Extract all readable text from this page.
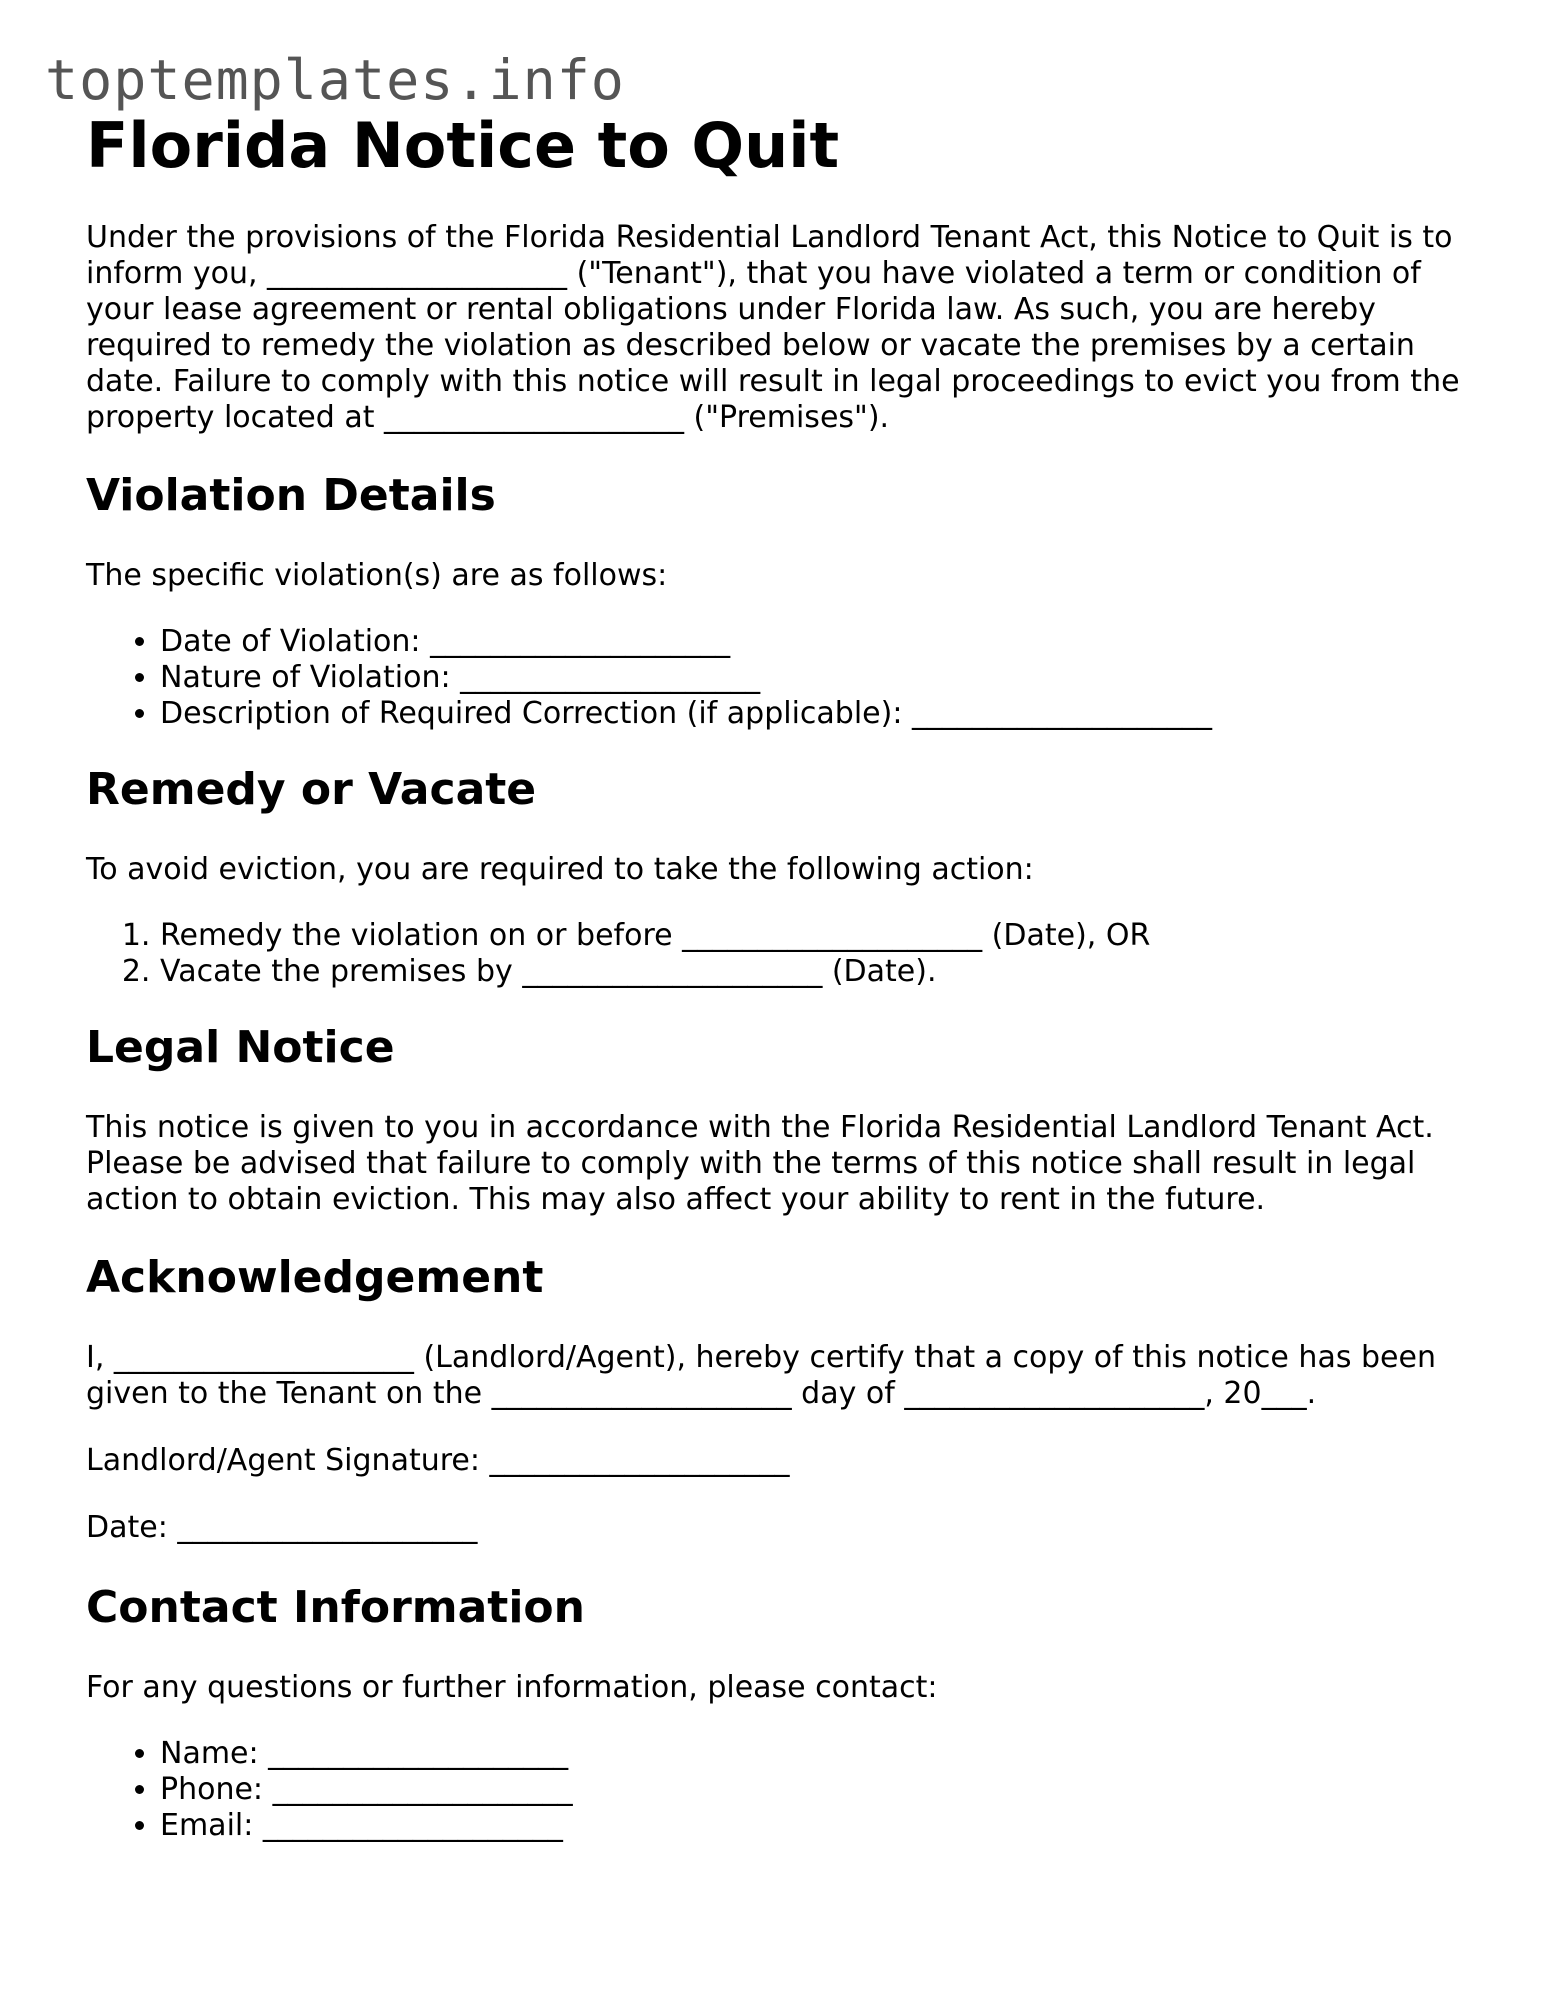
toptemplates.info
Florida Notice to Quit

Under the provisions of the Florida Residential Landlord Tenant Act, this Notice to Quit is to inform you, ____________________ ("Tenant"), that you have violated a term or condition of your lease agreement or rental obligations under Florida law. As such, you are hereby required to remedy the violation as described below or vacate the premises by a certain date. Failure to comply with this notice will result in legal proceedings to evict you from the property located at ____________________ ("Premises").

Violation Details

The specific violation(s) are as follows:

• Date of Violation: ____________________
• Nature of Violation: ____________________
• Description of Required Correction (if applicable): ____________________
Remedy or Vacate

To avoid eviction, you are required to take the following action:

1. Remedy the violation on or before ____________________ (Date), OR
2. Vacate the premises by ____________________ (Date).
Legal Notice

This notice is given to you in accordance with the Florida Residential Landlord Tenant Act. Please be advised that failure to comply with the terms of this notice shall result in legal action to obtain eviction. This may also affect your ability to rent in the future.

Acknowledgement

I, ____________________ (Landlord/Agent), hereby certify that a copy of this notice has been given to the Tenant on the ____________________ day of ____________________, 20___.

Landlord/Agent Signature: ____________________

Date: ____________________

Contact Information

For any questions or further information, please contact:

• Name: ____________________
• Phone: ____________________
• Email: ____________________
